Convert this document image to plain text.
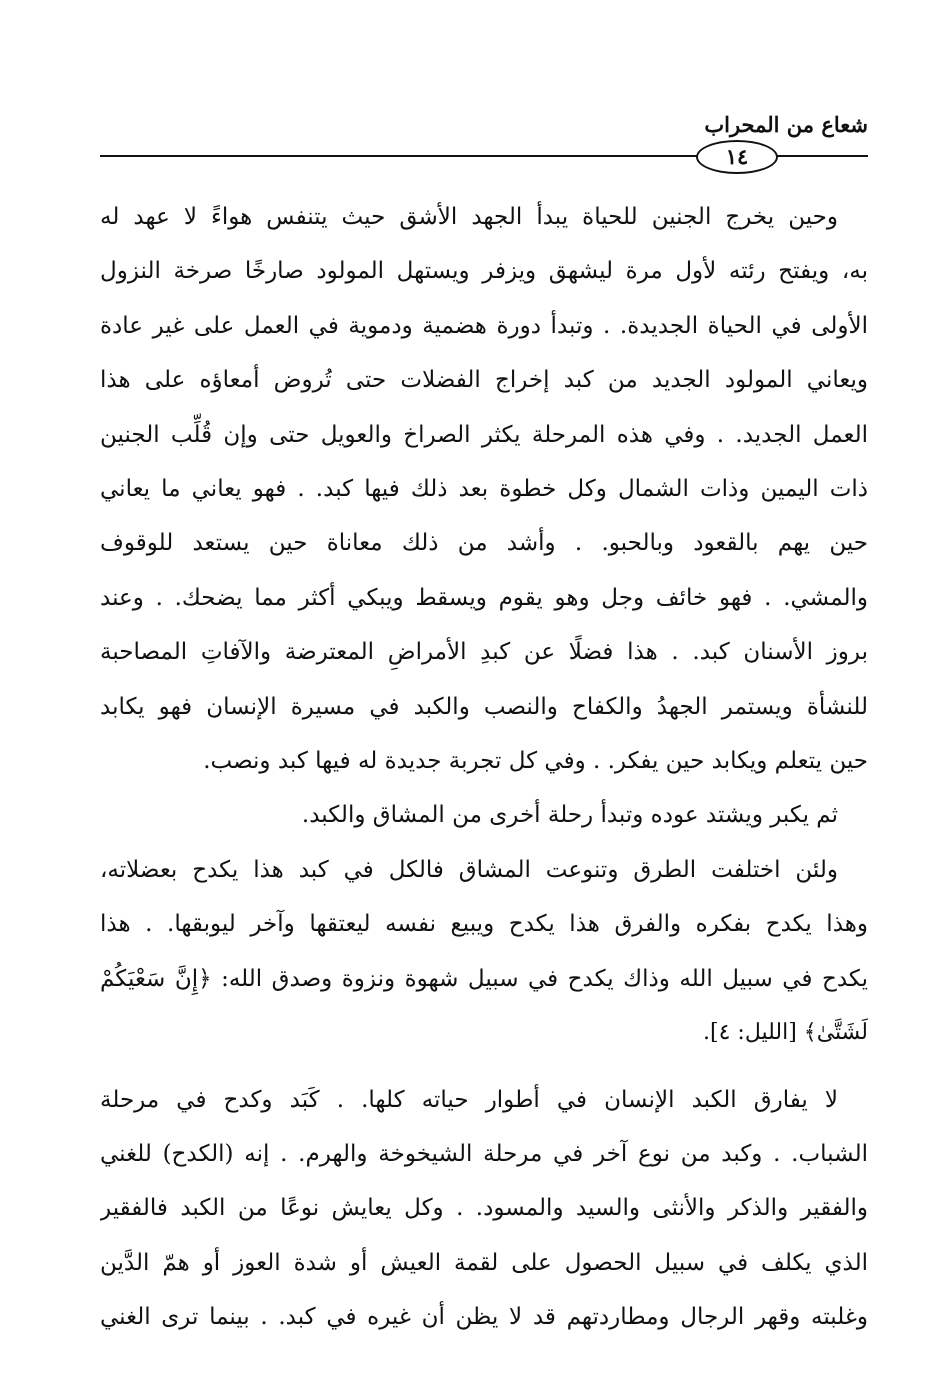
شعاع من المحراب
١٤
وحين يخرج الجنين للحياة يبدأ الجهد الأشق حيث يتنفس هواءً لا عهد له
به، ويفتح رئته لأول مرة ليشهق ويزفر ويستهل المولود صارخًا صرخة النزول
الأولى في الحياة الجديدة. . وتبدأ دورة هضمية ودموية في العمل على غير عادة
ويعاني المولود الجديد من كبد إخراج الفضلات حتى تُروض أمعاؤه على هذا
العمل الجديد. . وفي هذه المرحلة يكثر الصراخ والعويل حتى وإن قُلِّب الجنين
ذات اليمين وذات الشمال وكل خطوة بعد ذلك فيها كبد. . فهو يعاني ما يعاني
حين يهم بالقعود وبالحبو. . وأشد من ذلك معاناة حين يستعد للوقوف
والمشي. . فهو خائف وجل وهو يقوم ويسقط ويبكي أكثر مما يضحك. . وعند
بروز الأسنان كبد. . هذا فضلًا عن كبدِ الأمراضِ المعترضة والآفاتِ المصاحبة
للنشأة ويستمر الجهدُ والكفاح والنصب والكبد في مسيرة الإنسان فهو يكابد
حين يتعلم ويكابد حين يفكر. . وفي كل تجربة جديدة له فيها كبد ونصب.
ثم يكبر ويشتد عوده وتبدأ رحلة أخرى من المشاق والكبد.
ولئن اختلفت الطرق وتنوعت المشاق فالكل في كبد هذا يكدح بعضلاته،
وهذا يكدح بفكره والفرق هذا يكدح ويبيع نفسه ليعتقها وآخر ليوبقها. . هذا
يكدح في سبيل الله وذاك يكدح في سبيل شهوة ونزوة وصدق الله: ﴿إِنَّ سَعْيَكُمْ
لَشَتَّىٰ﴾ [الليل: ٤].
لا يفارق الكبد الإنسان في أطوار حياته كلها. . كَبَد وكدح في مرحلة
الشباب. . وكبد من نوع آخر في مرحلة الشيخوخة والهرم. . إنه (الكدح) للغني
والفقير والذكر والأنثى والسيد والمسود. . وكل يعايش نوعًا من الكبد فالفقير
الذي يكلف في سبيل الحصول على لقمة العيش أو شدة العوز أو همّ الدَّين
وغلبته وقهر الرجال ومطاردتهم قد لا يظن أن غيره في كبد. . بينما ترى الغني
